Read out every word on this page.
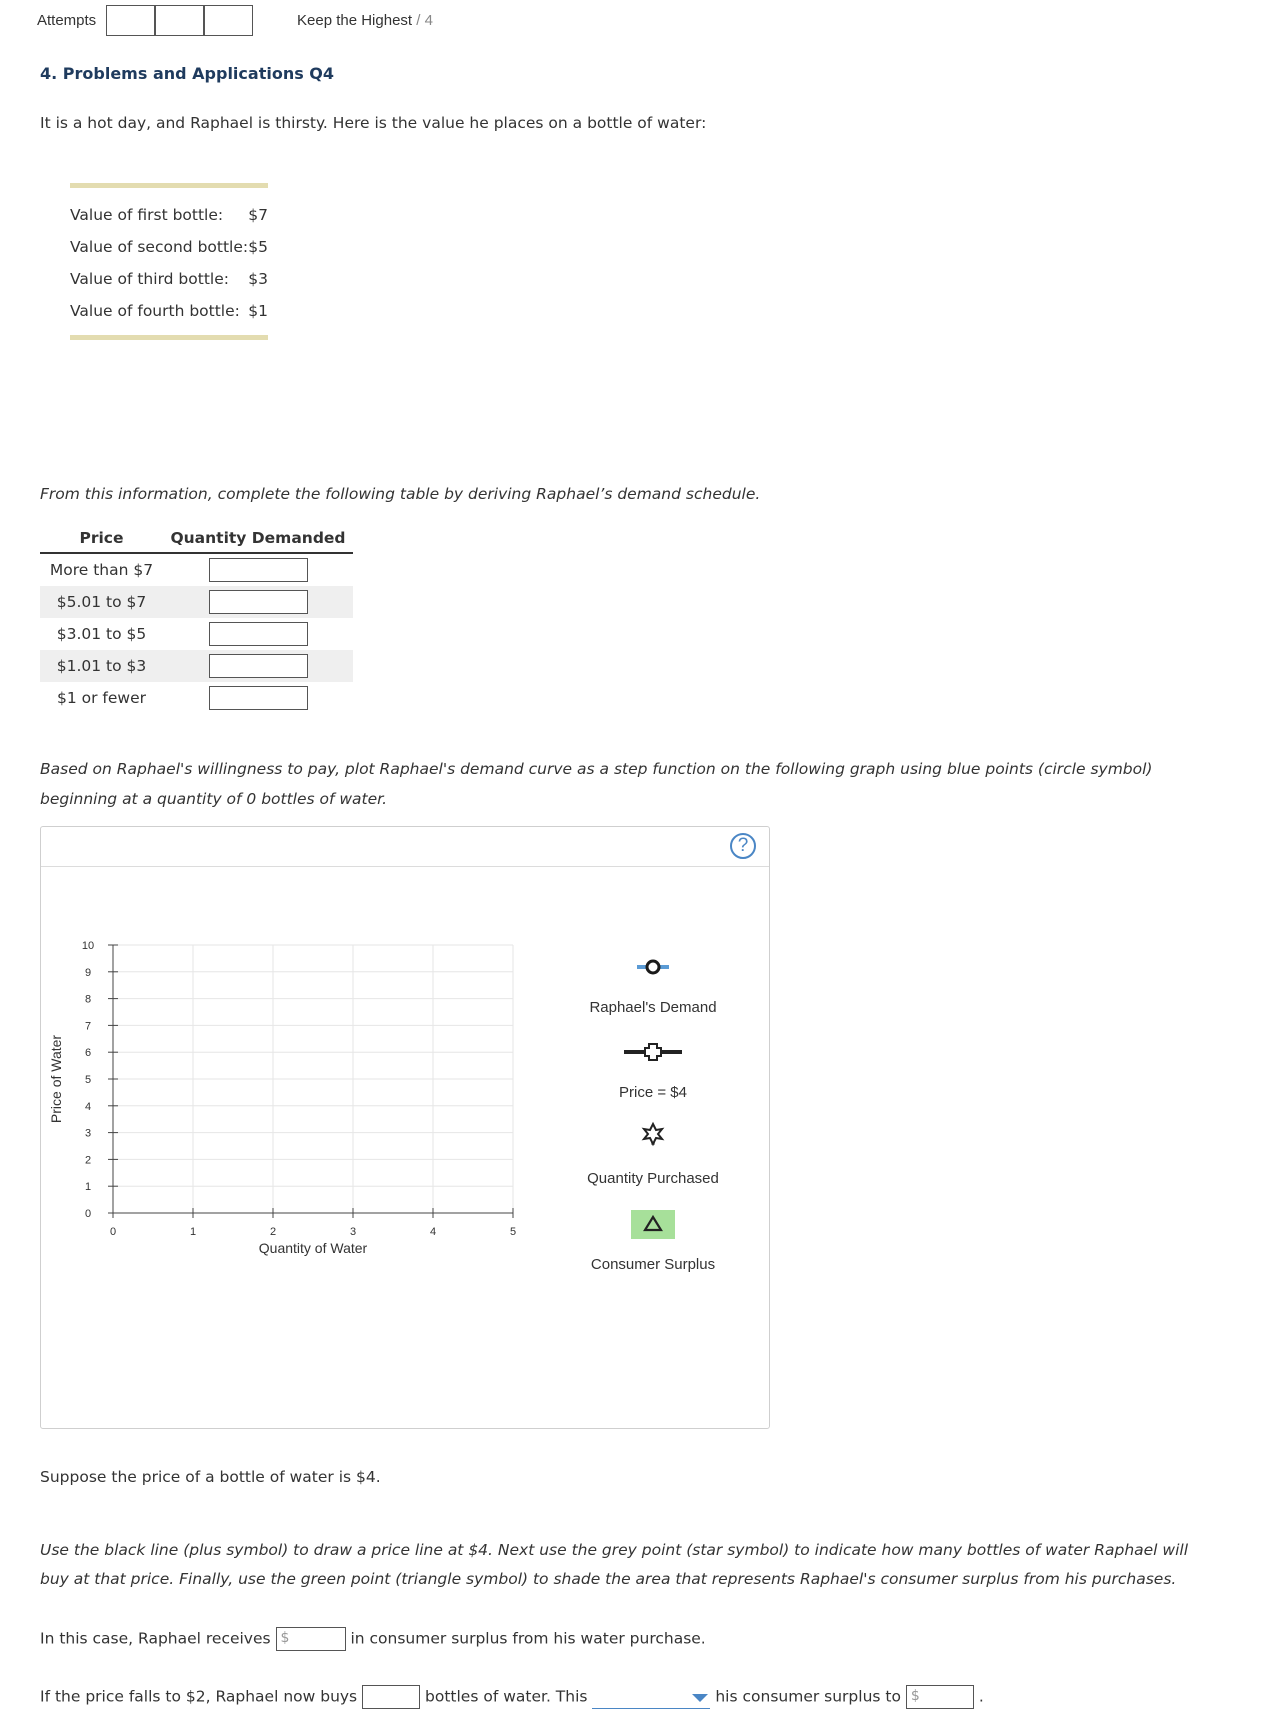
Attempts	Keep the Highest / 4
4. Problems and Applications Q4
It is a hot day, and Raphael is thirsty. Here is the value he places on a bottle of water:
Value of first bottle: $7
Value of second bottle: $5
Value of third bottle: $3
Value of fourth bottle: $1
From this information, complete the following table by deriving Raphael’s demand schedule.
Price	Quantity Demanded
More than $7
$5.01 to $7
$3.01 to $5
$1.01 to $3
$1 or fewer
Based on Raphael's willingness to pay, plot Raphael's demand curve as a step function on the following graph using blue points (circle symbol)
beginning at a quantity of 0 bottles of water.
?
0	1	2	3	4	5
0
1
2
3
4
5
6
7
8
9
10
Quantity of Water
Price of Water
Raphael's Demand
Price = $4
Quantity Purchased
Consumer Surplus
Suppose the price of a bottle of water is $4.
Use the black line (plus symbol) to draw a price line at $4. Next use the grey point (star symbol) to indicate how many bottles of water Raphael will
buy at that price. Finally, use the green point (triangle symbol) to shade the area that represents Raphael's consumer surplus from his purchases.
In this case, Raphael receives $	in consumer surplus from his water purchase.
If the price falls to $2, Raphael now buys	bottles of water. This	his consumer surplus to $	.
